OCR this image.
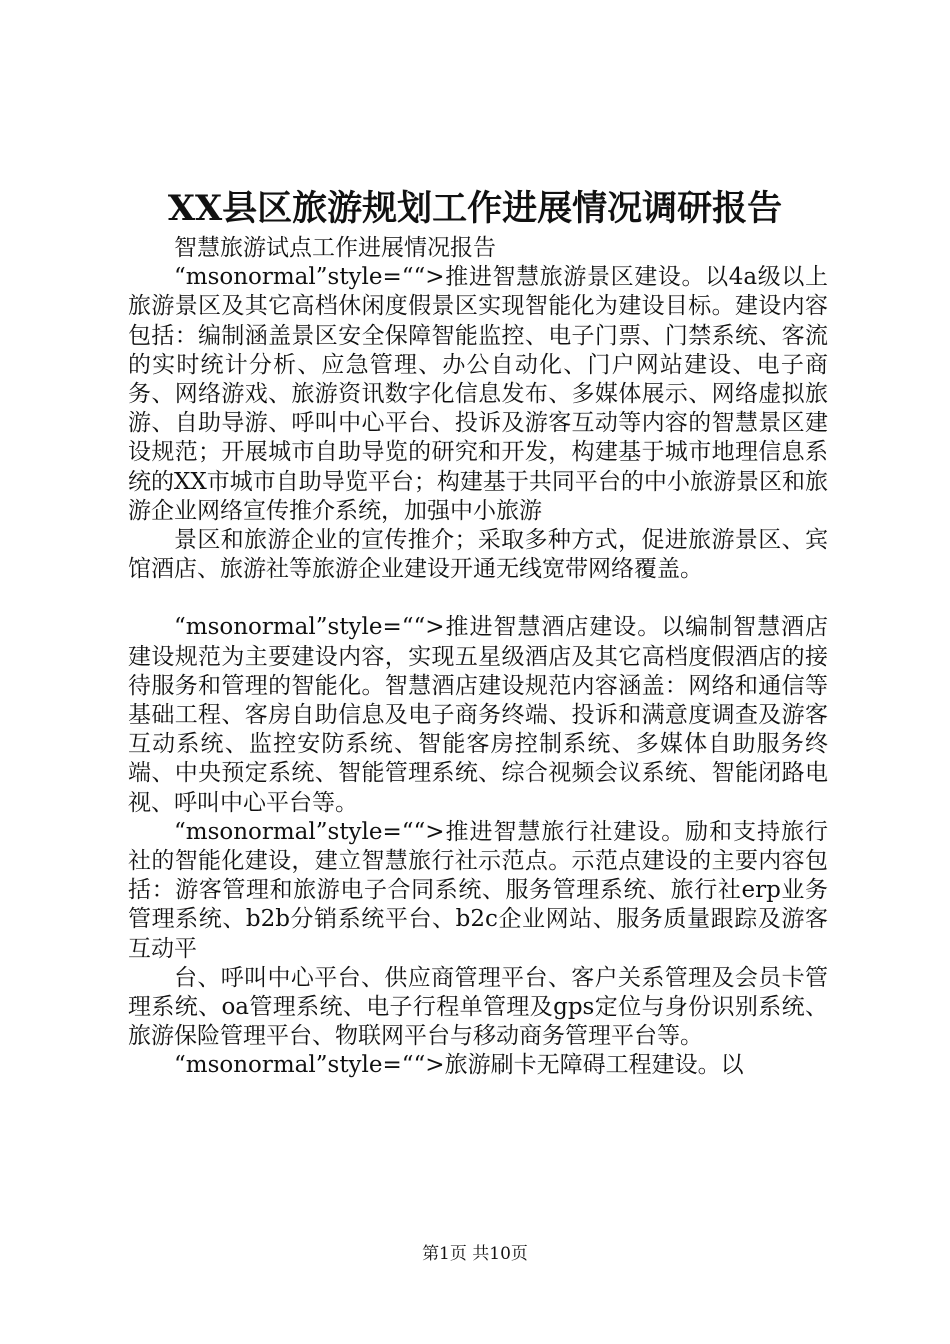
XX县区旅游规划工作进展情况调研报告

智慧旅游试点工作进展情况报告

“msonormal”style=““>推进智慧旅游景区建设。以4a级以上旅游景区及其它高档休闲度假景区实现智能化为建设目标。建设内容包括：编制涵盖景区安全保障智能监控、电子门票、门禁系统、客流的实时统计分析、应急管理、办公自动化、门户网站建设、电子商务、网络游戏、旅游资讯数字化信息发布、多媒体展示、网络虚拟旅游、自助导游、呼叫中心平台、投诉及游客互动等内容的智慧景区建设规范；开展城市自助导览的研究和开发，构建基于城市地理信息系统的XX市城市自助导览平台；构建基于共同平台的中小旅游景区和旅游企业网络宣传推介系统，加强中小旅游

景区和旅游企业的宣传推介；采取多种方式，促进旅游景区、宾馆酒店、旅游社等旅游企业建设开通无线宽带网络覆盖。

“msonormal”style=““>推进智慧酒店建设。以编制智慧酒店建设规范为主要建设内容，实现五星级酒店及其它高档度假酒店的接待服务和管理的智能化。智慧酒店建设规范内容涵盖：网络和通信等基础工程、客房自助信息及电子商务终端、投诉和满意度调查及游客互动系统、监控安防系统、智能客房控制系统、多媒体自助服务终端、中央预定系统、智能管理系统、综合视频会议系统、智能闭路电视、呼叫中心平台等。

“msonormal”style=““>推进智慧旅行社建设。励和支持旅行社的智能化建设，建立智慧旅行社示范点。示范点建设的主要内容包括：游客管理和旅游电子合同系统、服务管理系统、旅行社erp业务管理系统、b2b分销系统平台、b2c企业网站、服务质量跟踪及游客互动平

台、呼叫中心平台、供应商管理平台、客户关系管理及会员卡管理系统、oa管理系统、电子行程单管理及gps定位与身份识别系统、旅游保险管理平台、物联网平台与移动商务管理平台等。

“msonormal”style=““>旅游刷卡无障碍工程建设。以

第1页 共10页
